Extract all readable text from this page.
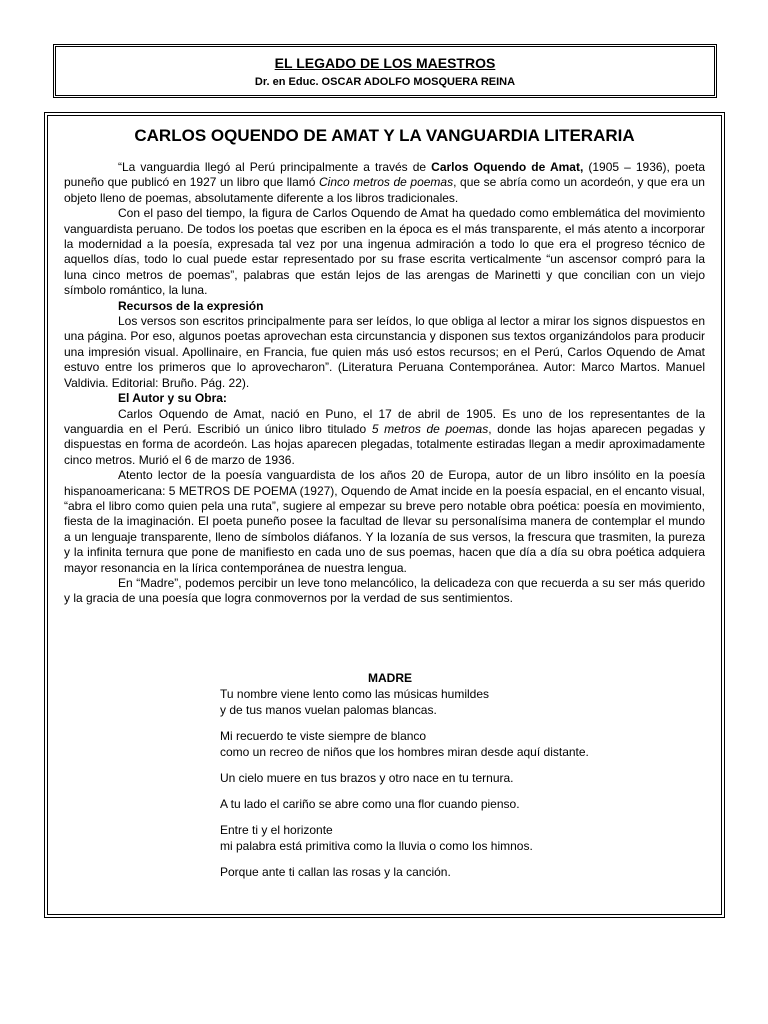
EL LEGADO DE LOS MAESTROS
Dr. en Educ. OSCAR ADOLFO MOSQUERA REINA
CARLOS OQUENDO DE AMAT Y LA VANGUARDIA LITERARIA

“La vanguardia llegó al Perú principalmente a través de Carlos Oquendo de Amat, (1905 – 1936), poeta puneño que publicó en 1927 un libro que llamó Cinco metros de poemas, que se abría como un acordeón, y que era un objeto lleno de poemas, absolutamente diferente a los libros tradicionales.

Con el paso del tiempo, la figura de Carlos Oquendo de Amat ha quedado como emblemática del movimiento vanguardista peruano. De todos los poetas que escriben en la época es el más transparente, el más atento a incorporar la modernidad a la poesía, expresada tal vez por una ingenua admiración a todo lo que era el progreso técnico de aquellos días, todo lo cual puede estar representado por su frase escrita verticalmente “un ascensor compró para la luna cinco metros de poemas”, palabras que están lejos de las arengas de Marinetti y que concilian con un viejo símbolo romántico, la luna.

Recursos de la expresión

Los versos son escritos principalmente para ser leídos, lo que obliga al lector a mirar los signos dispuestos en una página. Por eso, algunos poetas aprovechan esta circunstancia y disponen sus textos organizándolos para producir una impresión visual. Apollinaire, en Francia, fue quien más usó estos recursos; en el Perú, Carlos Oquendo de Amat estuvo entre los primeros que lo aprovecharon”. (Literatura Peruana Contemporánea. Autor: Marco Martos. Manuel Valdivia. Editorial: Bruño. Pág. 22).

El Autor y su Obra:

Carlos Oquendo de Amat, nació en Puno, el 17 de abril de 1905. Es uno de los representantes de la vanguardia en el Perú. Escribió un único libro titulado 5 metros de poemas, donde las hojas aparecen pegadas y dispuestas en forma de acordeón. Las hojas aparecen plegadas, totalmente estiradas llegan a medir aproximadamente cinco metros. Murió el 6 de marzo de 1936.

Atento lector de la poesía vanguardista de los años 20 de Europa, autor de un libro insólito en la poesía hispanoamericana: 5 METROS DE POEMA (1927), Oquendo de Amat incide en la poesía espacial, en el encanto visual, “abra el libro como quien pela una ruta”, sugiere al empezar su breve pero notable obra poética: poesía en movimiento, fiesta de la imaginación. El poeta puneño posee la facultad de llevar su personalísima manera de contemplar el mundo a un lenguaje transparente, lleno de símbolos diáfanos. Y la lozanía de sus versos, la frescura que trasmiten, la pureza y la infinita ternura que pone de manifiesto en cada uno de sus poemas, hacen que día a día su obra poética adquiera mayor resonancia en la lírica contemporánea de nuestra lengua.

En “Madre”, podemos percibir un leve tono melancólico, la delicadeza con que recuerda a su ser más querido y la gracia de una poesía que logra conmovernos por la verdad de sus sentimientos.

MADRE
Tu nombre viene lento como las músicas humildes
y de tus manos vuelan palomas blancas.
Mi recuerdo te viste siempre de blanco
como un recreo de niños que los hombres miran desde aquí distante.
Un cielo muere en tus brazos y otro nace en tu ternura.
A tu lado el cariño se abre como una flor cuando pienso.
Entre ti y el horizonte
mi palabra está primitiva como la lluvia o como los himnos.
Porque ante ti callan las rosas y la canción.
